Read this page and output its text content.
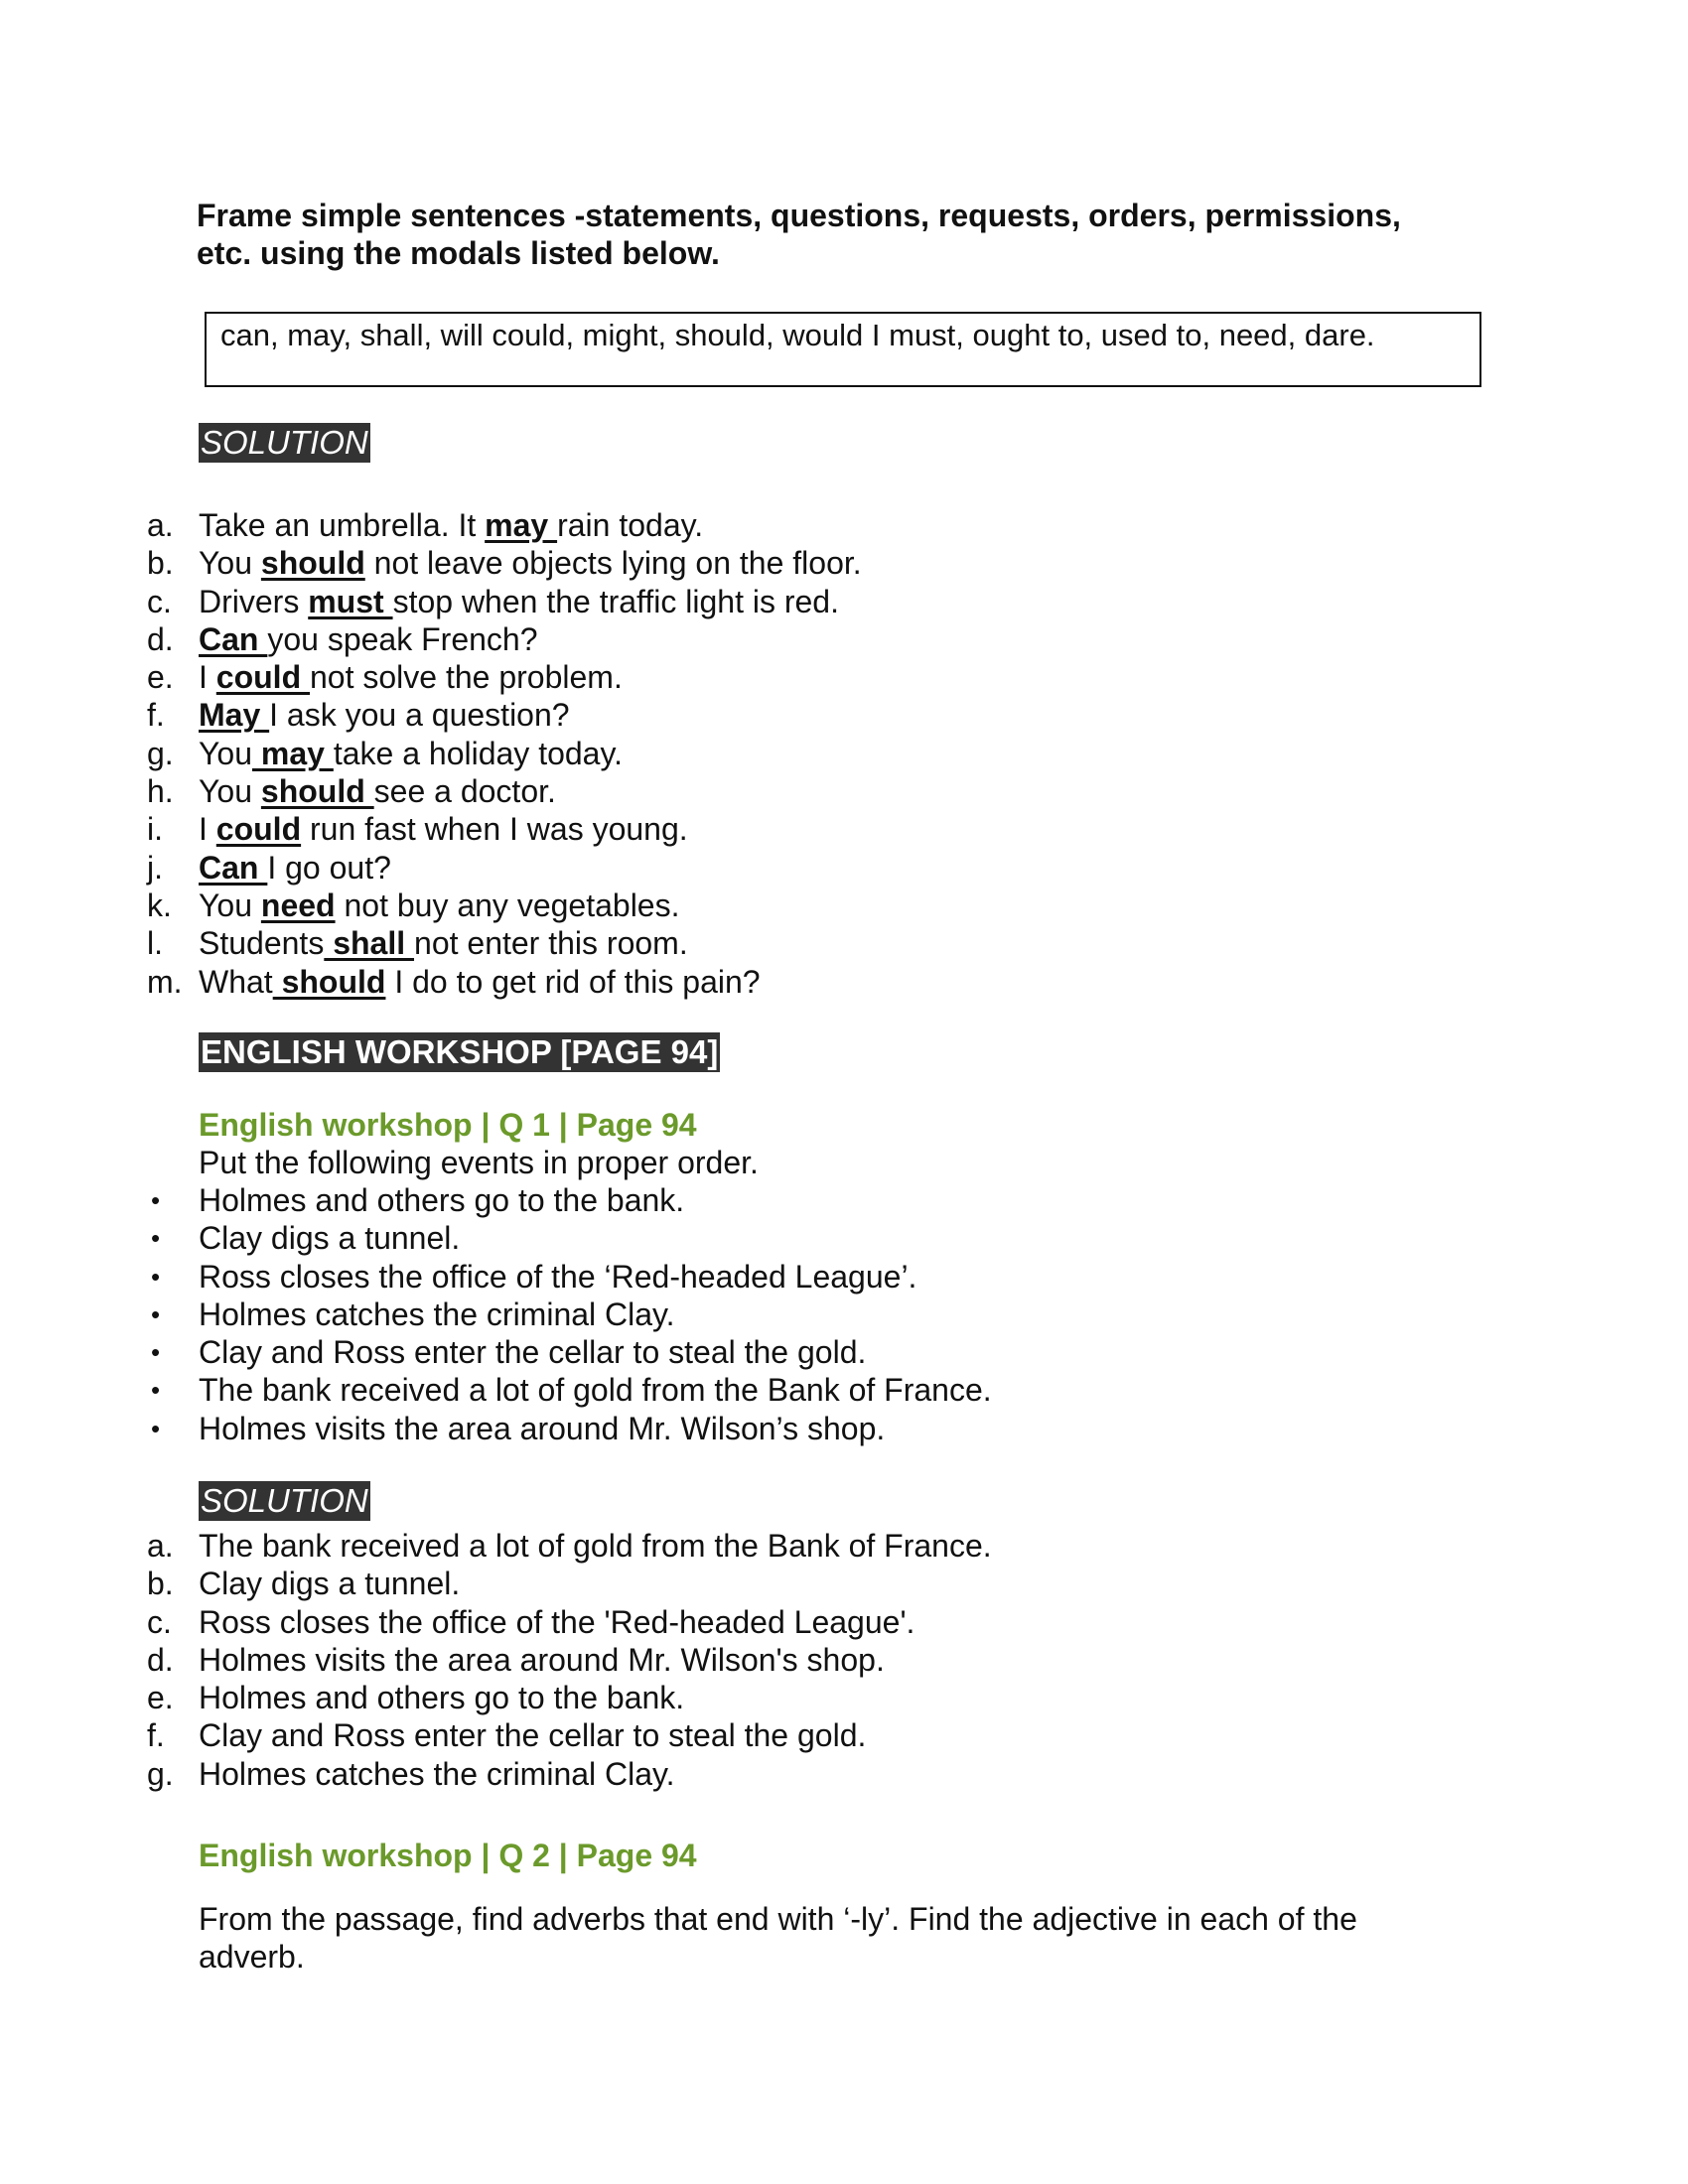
Frame simple sentences -statements, questions, requests, orders, permissions,
etc. using the modals listed below.
can, may, shall, will could, might, should, would I must, ought to, used to, need, dare.
SOLUTION
a. Take an umbrella. It may rain today.
b. You should not leave objects lying on the floor.
c. Drivers must stop when the traffic light is red.
d. Can you speak French?
e. I could not solve the problem.
f. May I ask you a question?
g. You may take a holiday today.
h. You should see a doctor.
i. I could run fast when I was young.
j. Can I go out?
k. You need not buy any vegetables.
l. Students shall not enter this room.
m. What should I do to get rid of this pain?
ENGLISH WORKSHOP [PAGE 94]
English workshop | Q 1 | Page 94
Put the following events in proper order.
• Holmes and others go to the bank.
• Clay digs a tunnel.
• Ross closes the office of the ‘Red-headed League’.
• Holmes catches the criminal Clay.
• Clay and Ross enter the cellar to steal the gold.
• The bank received a lot of gold from the Bank of France.
• Holmes visits the area around Mr. Wilson’s shop.
SOLUTION
a. The bank received a lot of gold from the Bank of France.
b. Clay digs a tunnel.
c. Ross closes the office of the 'Red-headed League'.
d. Holmes visits the area around Mr. Wilson's shop.
e. Holmes and others go to the bank.
f. Clay and Ross enter the cellar to steal the gold.
g. Holmes catches the criminal Clay.
English workshop | Q 2 | Page 94
From the passage, find adverbs that end with ‘-ly’. Find the adjective in each of the
adverb.
